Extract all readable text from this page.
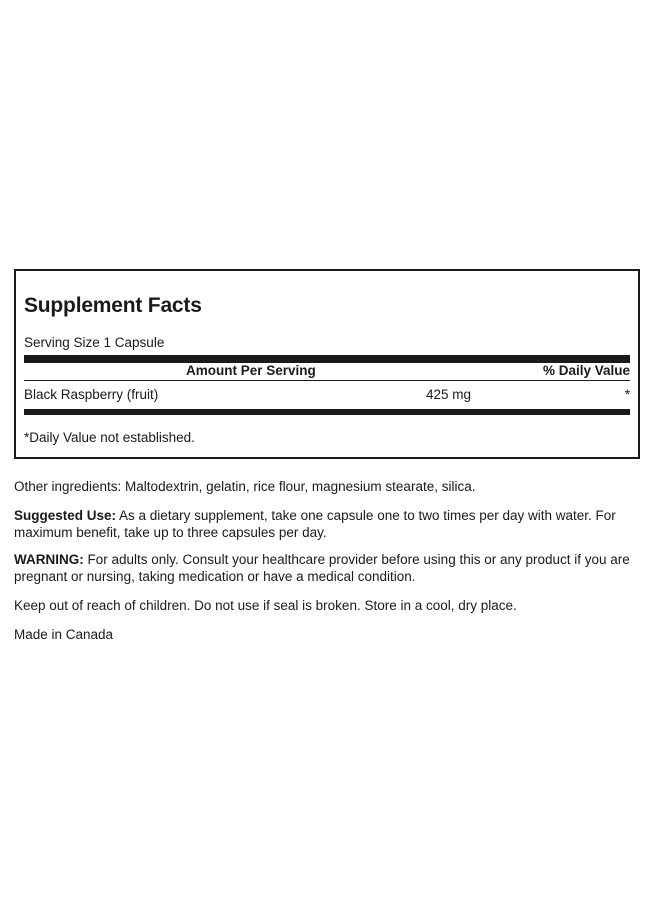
Supplement Facts
Serving Size 1 Capsule
Amount Per Serving	% Daily Value
Black Raspberry (fruit)	425 mg	*
*Daily Value not established.
Other ingredients: Maltodextrin, gelatin, rice flour, magnesium stearate, silica.
Suggested Use: As a dietary supplement, take one capsule one to two times per day with water. For maximum benefit, take up to three capsules per day.
WARNING: For adults only. Consult your healthcare provider before using this or any product if you are pregnant or nursing, taking medication or have a medical condition.
Keep out of reach of children. Do not use if seal is broken. Store in a cool, dry place.
Made in Canada
